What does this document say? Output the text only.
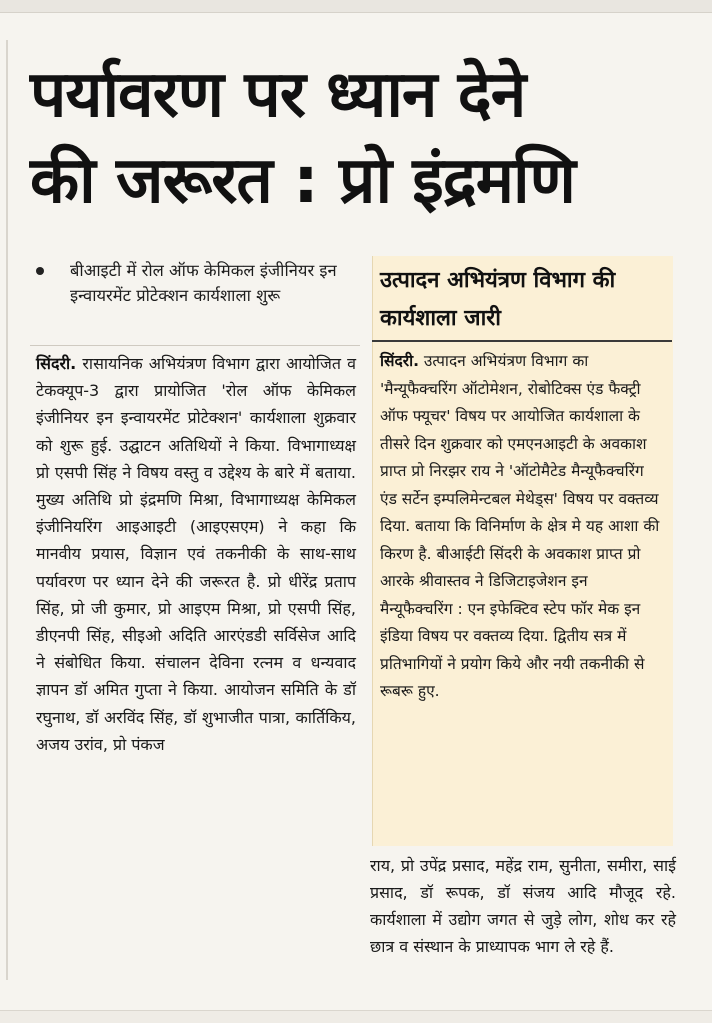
पर्यावरण पर ध्यान देने
की जरूरत : प्रो इंद्रमणि
बीआइटी में रोल ऑफ केमिकल इंजीनियर इन इन्वायरमेंट प्रोटेक्शन कार्यशाला शुरू
सिंदरी. रासायनिक अभियंत्रण विभाग द्वारा आयोजित व टेकक्यूप-3 द्वारा प्रायोजित 'रोल ऑफ केमिकल इंजीनियर इन इन्वायरमेंट प्रोटेक्शन' कार्यशाला शुक्रवार को शुरू हुई. उद्घाटन अतिथियों ने किया. विभागाध्यक्ष प्रो एसपी सिंह ने विषय वस्तु व उद्देश्य के बारे में बताया. मुख्य अतिथि प्रो इंद्रमणि मिश्रा, विभागाध्यक्ष केमिकल इंजीनियरिंग आइआइटी (आइएसएम) ने कहा कि मानवीय प्रयास, विज्ञान एवं तकनीकी के साथ-साथ पर्यावरण पर ध्यान देने की जरूरत है. प्रो धीरेंद्र प्रताप सिंह, प्रो जी कुमार, प्रो आइएम मिश्रा, प्रो एसपी सिंह, डीएनपी सिंह, सीइओ अदिति आरएंडडी सर्विसेज आदि ने संबोधित किया. संचालन देविना रत्नम व धन्यवाद ज्ञापन डॉ अमित गुप्ता ने किया. आयोजन समिति के डॉ रघुनाथ, डॉ अरविंद सिंह, डॉ शुभाजीत पात्रा, कार्तिकिय, अजय उरांव, प्रो पंकज
उत्पादन अभियंत्रण विभाग की कार्यशाला जारी
सिंदरी. उत्पादन अभियंत्रण विभाग का 'मैन्यूफैक्चरिंग ऑटोमेशन, रोबोटिक्स एंड फैक्ट्री ऑफ फ्यूचर' विषय पर आयोजित कार्यशाला के तीसरे दिन शुक्रवार को एमएनआइटी के अवकाश प्राप्त प्रो निरझर राय ने 'ऑटोमैटेड मैन्यूफैक्चरिंग एंड सर्टेन इम्पलिमेन्टबल मेथेड्स' विषय पर वक्तव्य दिया. बताया कि विनिर्माण के क्षेत्र मे यह आशा की किरण है. बीआईटी सिंदरी के अवकाश प्राप्त प्रो आरके श्रीवास्तव ने डिजिटाइजेशन इन मैन्यूफैक्चरिंग : एन इफेक्टिव स्टेप फॉर मेक इन इंडिया विषय पर वक्तव्य दिया. द्वितीय सत्र में प्रतिभागियों ने प्रयोग किये और नयी तकनीकी से रूबरू हुए.
राय, प्रो उपेंद्र प्रसाद, महेंद्र राम, सुनीता, समीरा, साई प्रसाद, डॉ रूपक, डॉ संजय आदि मौजूद रहे. कार्यशाला में उद्योग जगत से जुड़े लोग, शोध कर रहे छात्र व संस्थान के प्राध्यापक भाग ले रहे हैं.
